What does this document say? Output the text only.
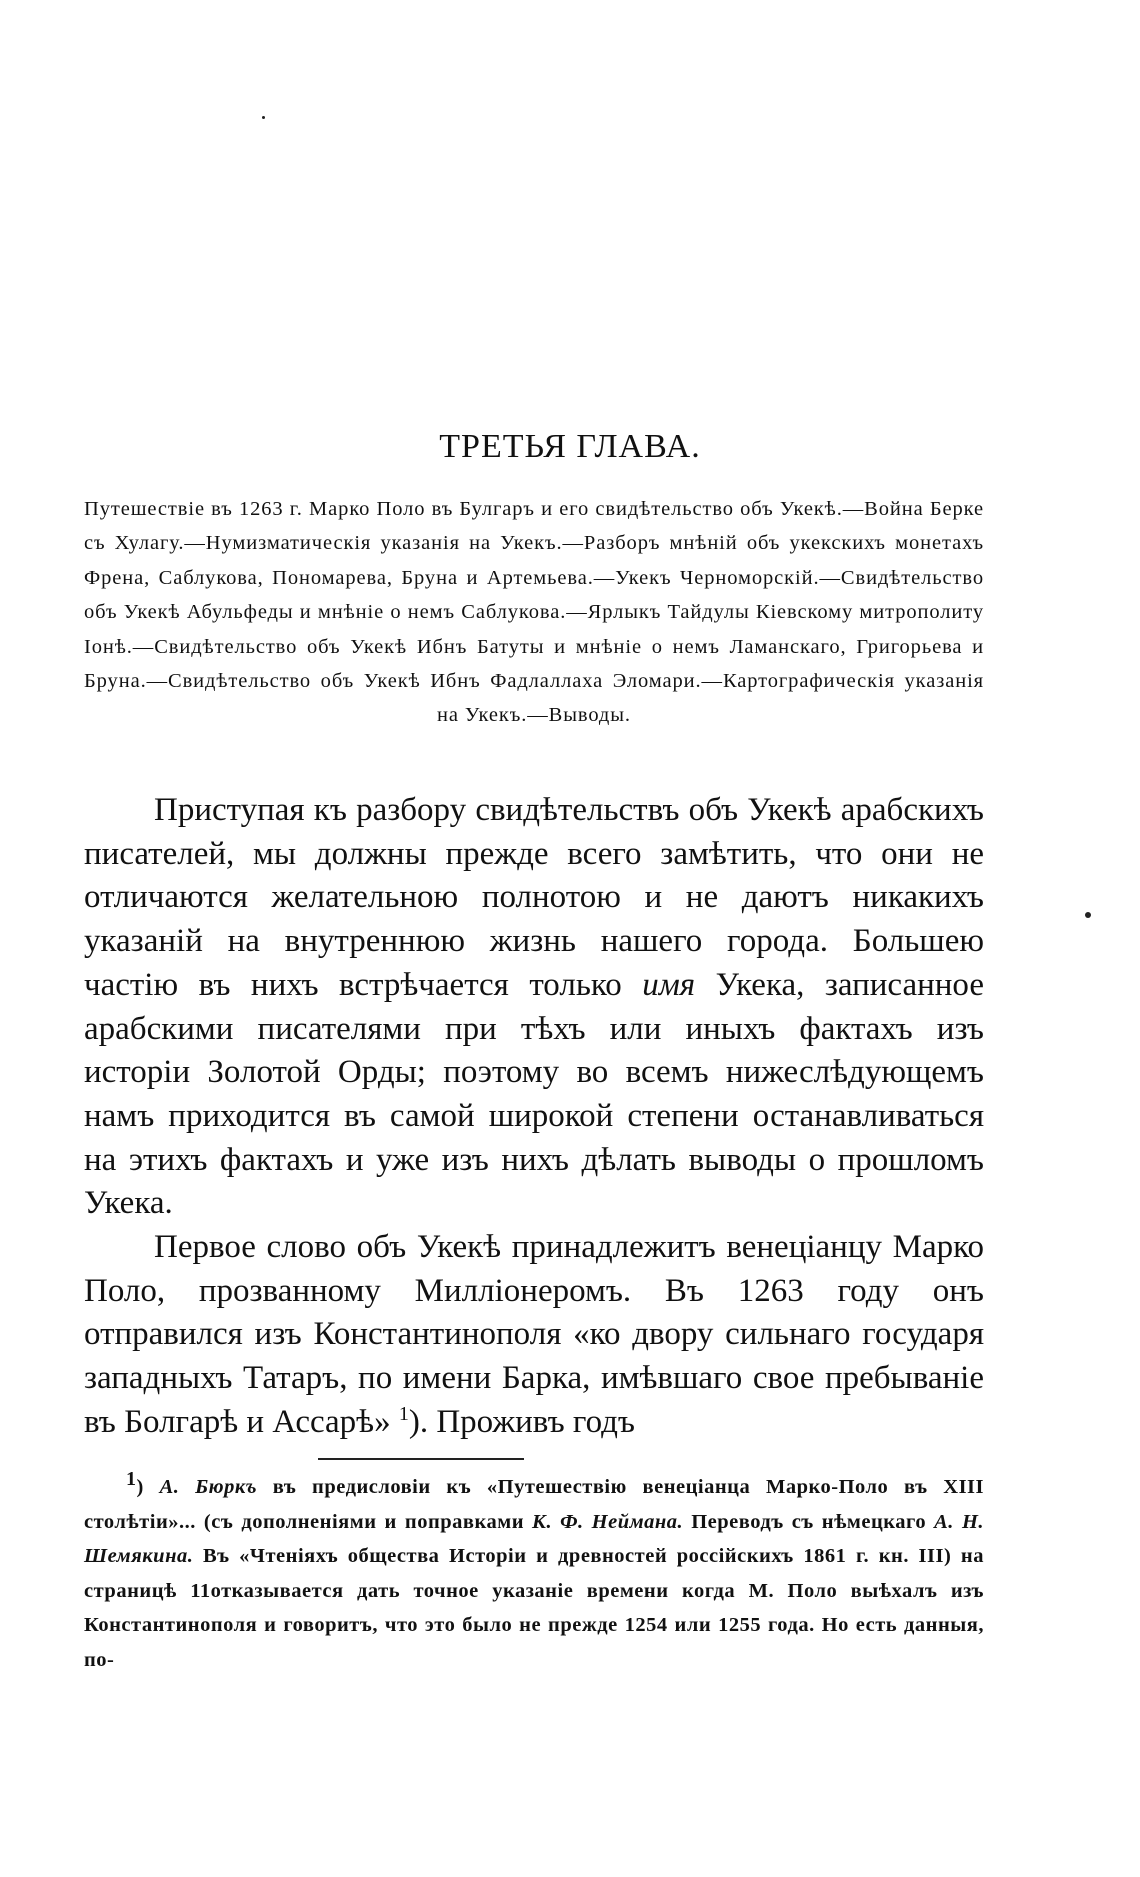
ТРЕТЬЯ ГЛАВА.
Путешествіе въ 1263 г. Марко Поло въ Булгаръ и его свидѣтельство объ Укекѣ.—Война Берке съ Хулагу.—Нумизматическія указанія на Укекъ.—Разборъ мнѣній объ укекскихъ монетахъ Френа, Саблукова, Пономарева, Бруна и Артемьева.—Укекъ Черноморскій.—Свидѣтельство объ Укекѣ Абульфеды и мнѣніе о немъ Саблукова.—Ярлыкъ Тайдулы Кіевскому митрополиту Іонѣ.—Свидѣтельство объ Укекѣ Ибнъ Батуты и мнѣніе о немъ Ламанскаго, Григорьева и Бруна.—Свидѣтельство объ Укекѣ Ибнъ Фадлаллаха Эломари.—Картографическія указанія на Укекъ.—Выводы.

Приступая къ разбору свидѣтельствъ объ Укекѣ арабскихъ писателей, мы должны прежде всего замѣтить, что они не отличаются желательною полнотою и не даютъ никакихъ указаній на внутреннюю жизнь нашего города. Большею частію въ нихъ встрѣчается только имя Укека, записанное арабскими писателями при тѣхъ или иныхъ фактахъ изъ исторіи Золотой Орды; поэтому во всемъ нижеслѣдующемъ намъ приходится въ самой широкой степени останавливаться на этихъ фактахъ и уже изъ нихъ дѣлать выводы о прошломъ Укека.

Первое слово объ Укекѣ принадлежитъ венеціанцу Марко Поло, прозванному Милліонеромъ. Въ 1263 году онъ отправился изъ Константинополя «ко двору сильнаго государя западныхъ Татаръ, по имени Барка, имѣвшаго свое пребываніе въ Болгарѣ и Ассарѣ» $^1$). Проживъ годъ

1) А. Бюркъ въ предисловіи къ «Путешествію венеціанца Марко-Поло въ XIII столѣтіи»... (съ дополненіями и поправками К. Ф. Неймана. Переводъ съ нѣмецкаго А. Н. Шемякина. Въ «Чтеніяхъ общества Исторіи и древностей россійскихъ 1861 г. кн. III) на страницѣ 11отказывается дать точное указаніе времени когда М. Поло выѣхалъ изъ Константинополя и говоритъ, что это было не прежде 1254 или 1255 года. Но есть данныя, по-
